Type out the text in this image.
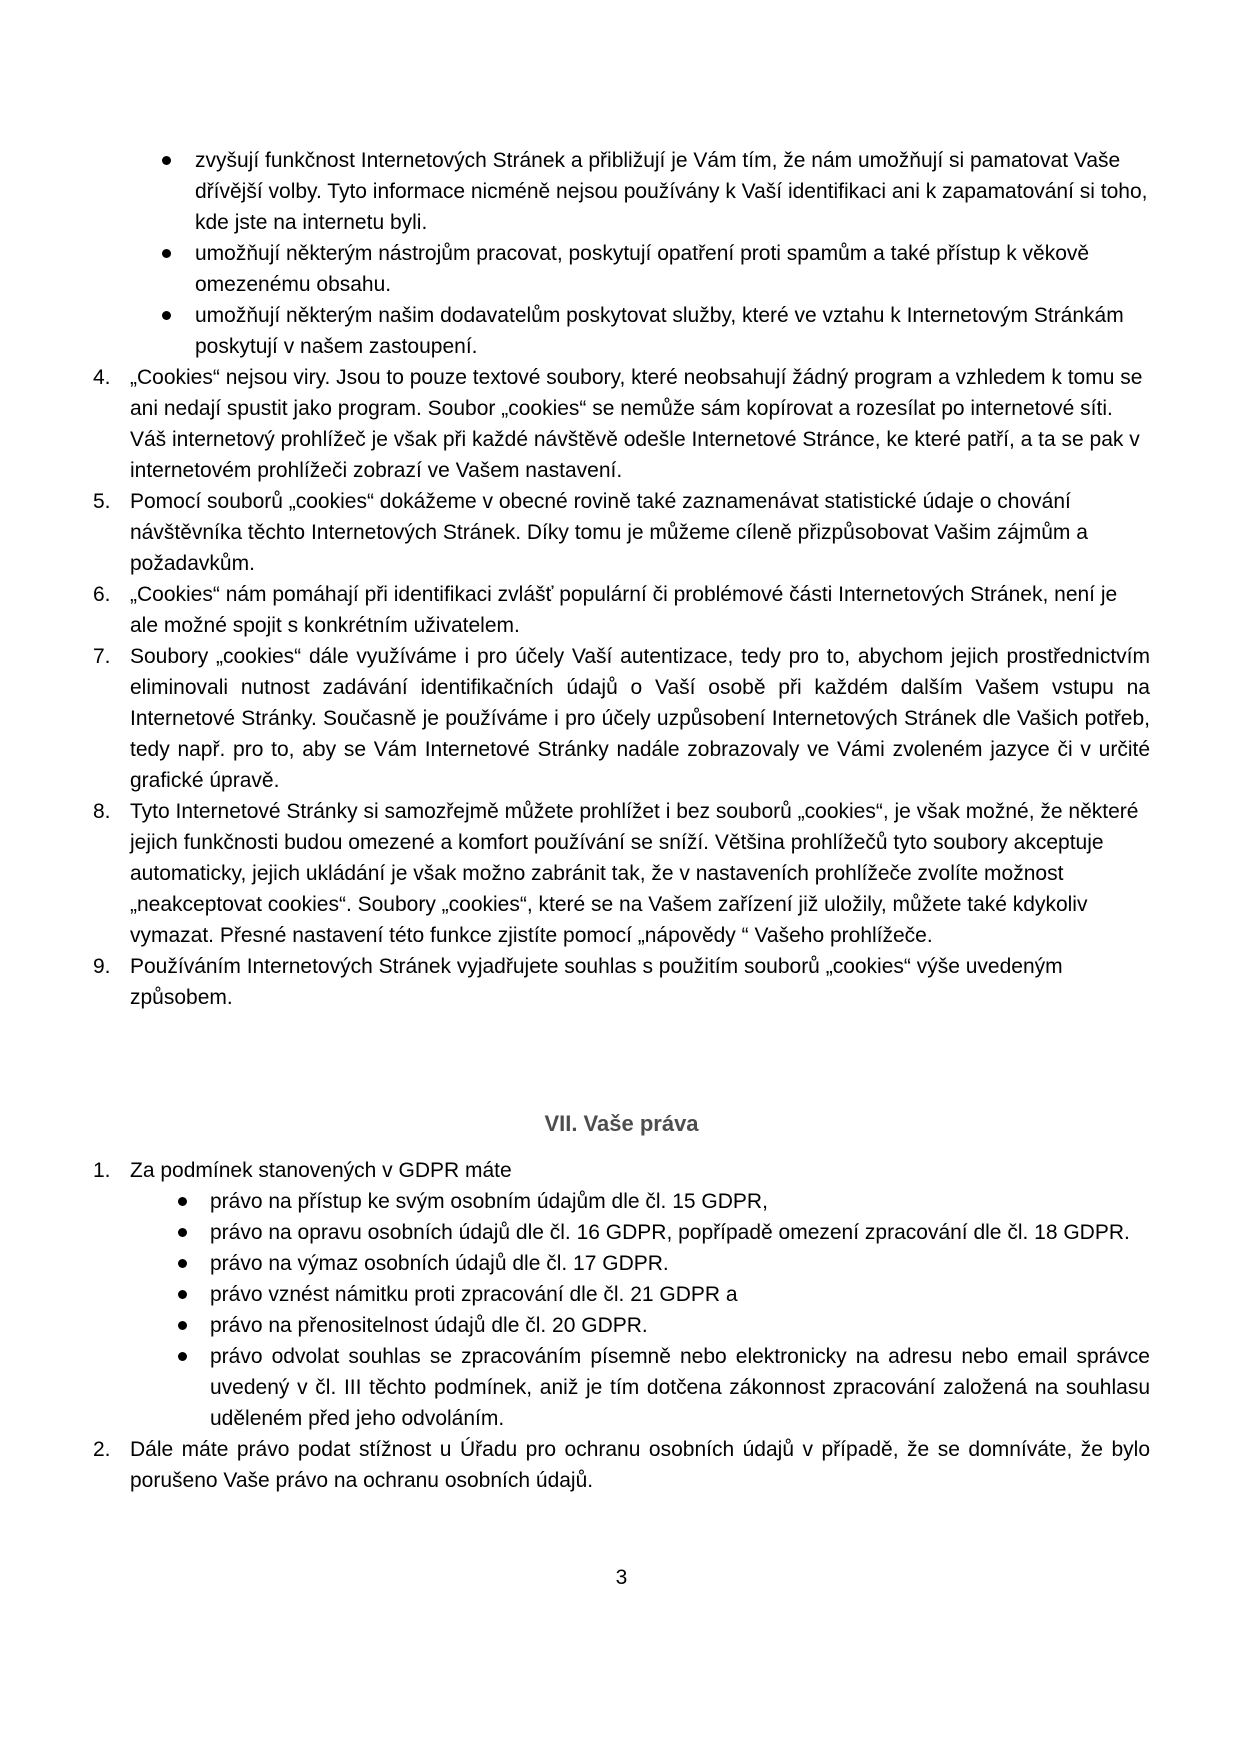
zvyšují funkčnost Internetových Stránek a přibližují je Vám tím, že nám umožňují si pamatovat Vaše dřívější volby. Tyto informace nicméně nejsou používány k Vaší identifikaci ani k zapamatování si toho, kde jste na internetu byli.
umožňují některým nástrojům pracovat, poskytují opatření proti spamům a také přístup k věkově omezenému obsahu.
umožňují některým našim dodavatelům poskytovat služby, které ve vztahu k Internetovým Stránkám poskytují v našem zastoupení.
4. „Cookies“ nejsou viry. Jsou to pouze textové soubory, které neobsahují žádný program a vzhledem k tomu se ani nedají spustit jako program. Soubor „cookies“ se nemůže sám kopírovat a rozesílat po internetové síti. Váš internetový prohlížeč je však při každé návštěvě odešle Internetové Stránce, ke které patří, a ta se pak v internetovém prohlížeči zobrazí ve Vašem nastavení.
5. Pomocí souborů „cookies“ dokážeme v obecné rovině také zaznamenávat statistické údaje o chování návštěvníka těchto Internetových Stránek. Díky tomu je můžeme cíleně přizpůsobovat Vašim zájmům a požadavkům.
6. „Cookies“ nám pomáhají při identifikaci zvlášť populární či problémové části Internetových Stránek, není je ale možné spojit s konkrétním uživatelem.
7. Soubory „cookies“ dále využíváme i pro účely Vaší autentizace, tedy pro to, abychom jejich prostřednictvím eliminovali nutnost zadávání identifikačních údajů o Vaší osobě při každém dalším Vašem vstupu na Internetové Stránky. Současně je používáme i pro účely uzpůsobení Internetových Stránek dle Vašich potřeb, tedy např. pro to, aby se Vám Internetové Stránky nadále zobrazovaly ve Vámi zvoleném jazyce či v určité grafické úpravě.
8. Tyto Internetové Stránky si samozřejmě můžete prohlížet i bez souborů „cookies“, je však možné, že některé jejich funkčnosti budou omezené a komfort používání se sníží. Většina prohlížečů tyto soubory akceptuje automaticky, jejich ukládání je však možno zabránit tak, že v nastaveních prohlížeče zvolíte možnost „neakceptovat cookies“. Soubory „cookies“, které se na Vašem zařízení již uložily, můžete také kdykoliv vymazat. Přesné nastavení této funkce zjistíte pomocí „nápovědy “ Vašeho prohlížeče.
9. Používáním Internetových Stránek vyjadřujete souhlas s použitím souborů „cookies“ výše uvedeným způsobem.
VII. Vaše práva
1. Za podmínek stanovených v GDPR máte
právo na přístup ke svým osobním údajům dle čl. 15 GDPR,
právo na opravu osobních údajů dle čl. 16 GDPR, popřípadě omezení zpracování dle čl. 18 GDPR.
právo na výmaz osobních údajů dle čl. 17 GDPR.
právo vznést námitku proti zpracování dle čl. 21 GDPR a
právo na přenositelnost údajů dle čl. 20 GDPR.
právo odvolat souhlas se zpracováním písemně nebo elektronicky na adresu nebo email správce uvedený v čl. III těchto podmínek, aniž je tím dotčena zákonnost zpracování založená na souhlasu uděleném před jeho odvoláním.
2. Dále máte právo podat stížnost u Úřadu pro ochranu osobních údajů v případě, že se domníváte, že bylo porušeno Vaše právo na ochranu osobních údajů.
3
